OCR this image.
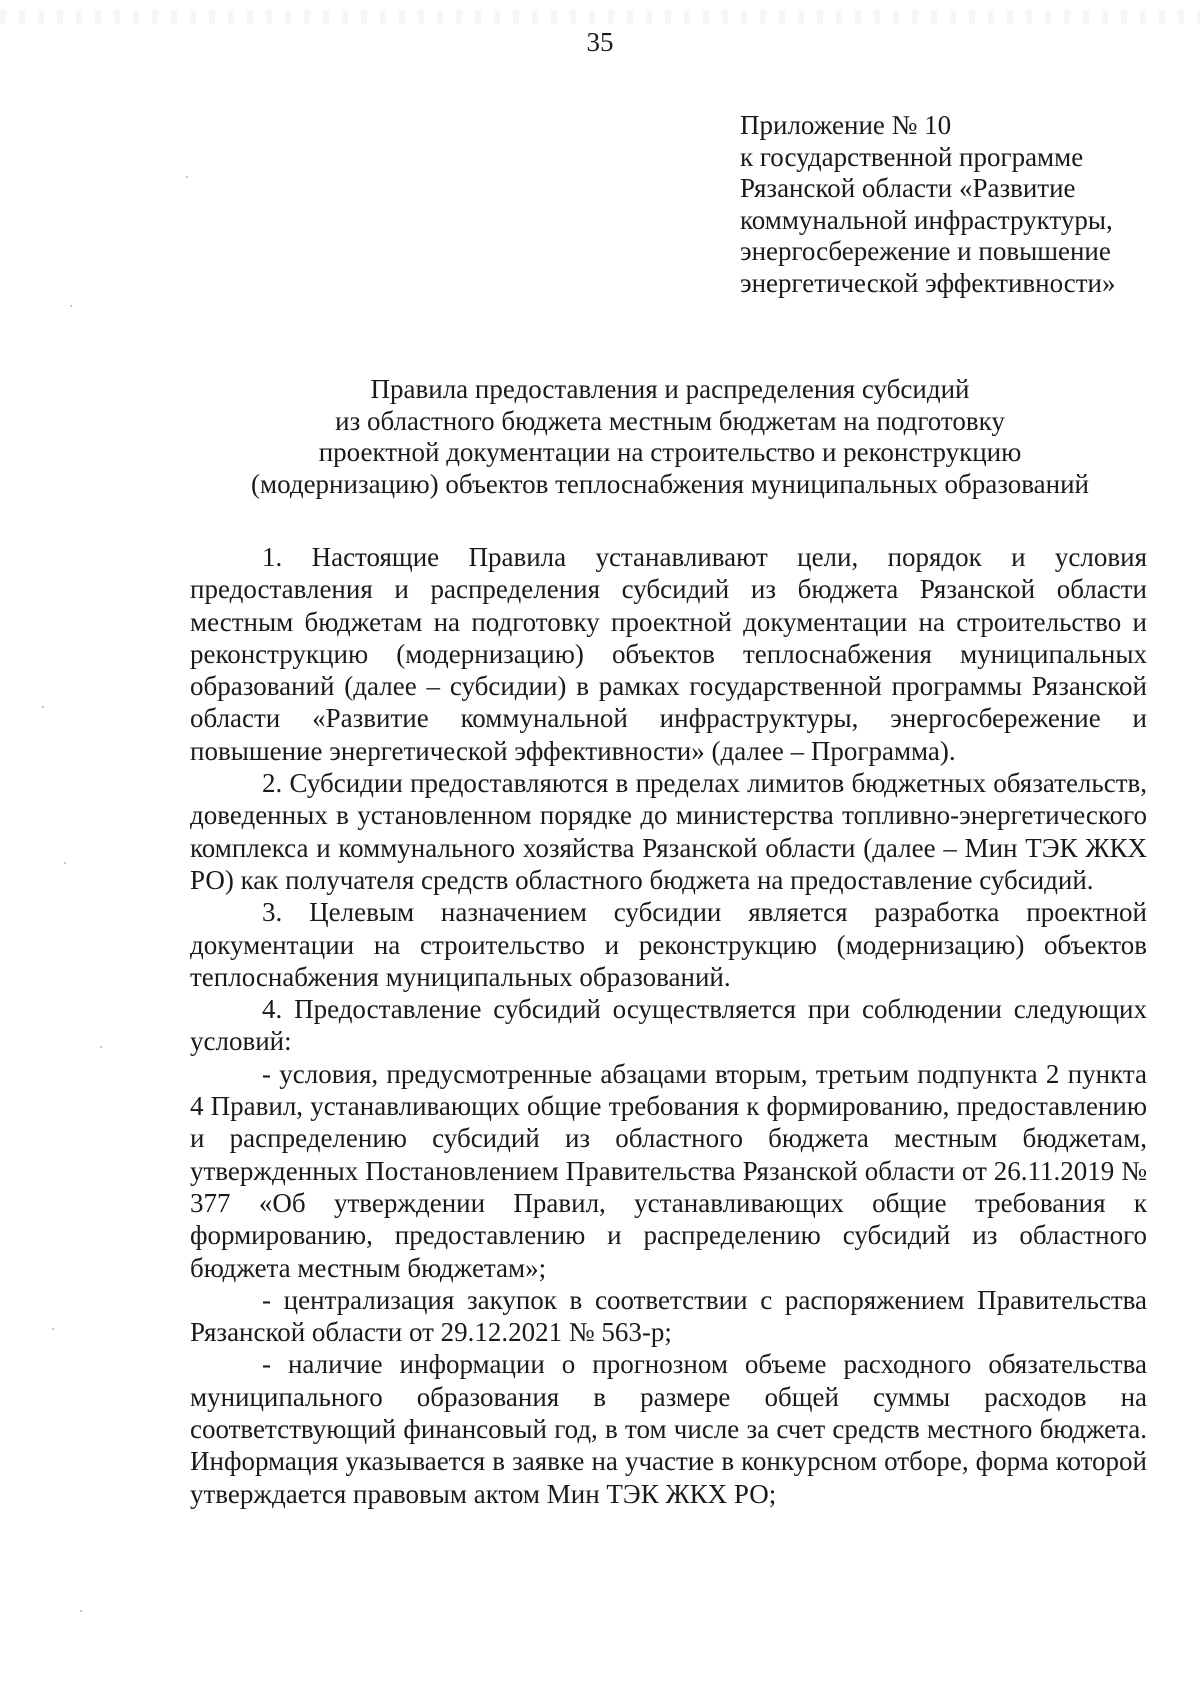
35
Приложение № 10
к государственной программе
Рязанской области «Развитие
коммунальной инфраструктуры,
энергосбережение и повышение
энергетической эффективности»
Правила предоставления и распределения субсидий
из областного бюджета местным бюджетам на подготовку
проектной документации на строительство и реконструкцию
(модернизацию) объектов теплоснабжения муниципальных образований

1. Настоящие Правила устанавливают цели, порядок и условия предоставления и распределения субсидий из бюджета Рязанской области местным бюджетам на подготовку проектной документации на строительство и реконструкцию (модернизацию) объектов теплоснабжения муниципальных образований (далее – субсидии) в рамках государственной программы Рязанской области «Развитие коммунальной инфраструктуры, энергосбережение и повышение энергетической эффективности» (далее – Программа).

2. Субсидии предоставляются в пределах лимитов бюджетных обязательств, доведенных в установленном порядке до министерства топливно-энергетического комплекса и коммунального хозяйства Рязанской области (далее – Мин ТЭК ЖКХ РО) как получателя средств областного бюджета на предоставление субсидий.

3. Целевым назначением субсидии является разработка проектной документации на строительство и реконструкцию (модернизацию) объектов теплоснабжения муниципальных образований.

4. Предоставление субсидий осуществляется при соблюдении следующих условий:

- условия, предусмотренные абзацами вторым, третьим подпункта 2 пункта 4 Правил, устанавливающих общие требования к формированию, предоставлению и распределению субсидий из областного бюджета местным бюджетам, утвержденных Постановлением Правительства Рязанской области от 26.11.2019 № 377 «Об утверждении Правил, устанавливающих общие требования к формированию, предоставлению и распределению субсидий из областного бюджета местным бюджетам»;

- централизация закупок в соответствии с распоряжением Правительства Рязанской области от 29.12.2021 № 563-р;

- наличие информации о прогнозном объеме расходного обязательства муниципального образования в размере общей суммы расходов на соответствующий финансовый год, в том числе за счет средств местного бюджета. Информация указывается в заявке на участие в конкурсном отборе, форма которой утверждается правовым актом Мин ТЭК ЖКХ РО;
